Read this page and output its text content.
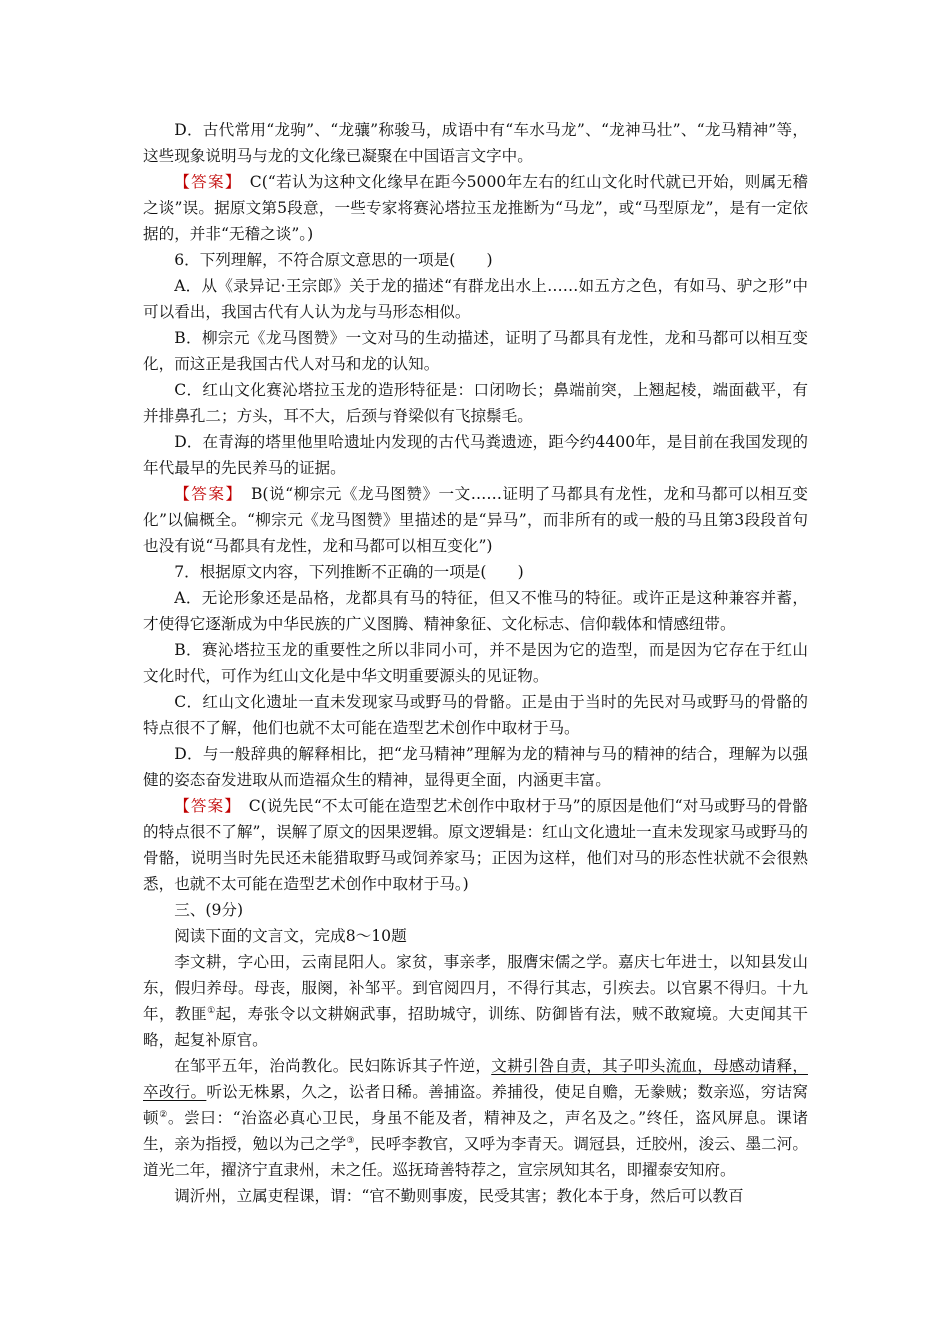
D．古代常用“龙驹”、“龙骧”称骏马，成语中有“车水马龙”、“龙神马壮”、“龙马精神”等，这些现象说明马与龙的文化缘已凝聚在中国语言文字中。

【答案】　 C(“若认为这种文化缘早在距今5000年左右的红山文化时代就已开始，则属无稽之谈”误。据原文第5段意，一些专家将赛沁塔拉玉龙推断为“马龙”，或“马型原龙”，是有一定依据的，并非“无稽之谈”。)

6．下列理解，不符合原文意思的一项是(　　)

A．从《录异记·王宗郎》关于龙的描述“有群龙出水上……如五方之色，有如马、驴之形”中可以看出，我国古代有人认为龙与马形态相似。

B．柳宗元《龙马图赞》一文对马的生动描述，证明了马都具有龙性，龙和马都可以相互变化，而这正是我国古代人对马和龙的认知。

C．红山文化赛沁塔拉玉龙的造形特征是：口闭吻长；鼻端前突，上翘起棱，端面截平，有并排鼻孔二；方头，耳不大，后颈与脊梁似有飞掠鬃毛。

D．在青海的塔里他里哈遗址内发现的古代马粪遗迹，距今约4400年，是目前在我国发现的年代最早的先民养马的证据。

【答案】　 B(说“柳宗元《龙马图赞》一文……证明了马都具有龙性，龙和马都可以相互变化”以偏概全。“柳宗元《龙马图赞》里描述的是“异马”，而非所有的或一般的马且第3段段首句也没有说“马都具有龙性，龙和马都可以相互变化”)

7．根据原文内容，下列推断不正确的一项是(　　)

A．无论形象还是品格，龙都具有马的特征，但又不惟马的特征。或许正是这种兼容并蓄，才使得它逐渐成为中华民族的广义图腾、精神象征、文化标志、信仰载体和情感纽带。

B．赛沁塔拉玉龙的重要性之所以非同小可，并不是因为它的造型，而是因为它存在于红山文化时代，可作为红山文化是中华文明重要源头的见证物。

C．红山文化遗址一直未发现家马或野马的骨骼。正是由于当时的先民对马或野马的骨骼的特点很不了解，他们也就不太可能在造型艺术创作中取材于马。

D．与一般辞典的解释相比，把“龙马精神”理解为龙的精神与马的精神的结合，理解为以强健的姿态奋发进取从而造福众生的精神，显得更全面，内涵更丰富。

【答案】　 C(说先民“不太可能在造型艺术创作中取材于马”的原因是他们“对马或野马的骨骼的特点很不了解”，误解了原文的因果逻辑。原文逻辑是：红山文化遗址一直未发现家马或野马的骨骼，说明当时先民还未能猎取野马或饲养家马；正因为这样，他们对马的形态性状就不会很熟悉，也就不太可能在造型艺术创作中取材于马。)

三、(9分)

阅读下面的文言文，完成8～10题

李文耕，字心田，云南昆阳人。家贫，事亲孝，服膺宋儒之学。嘉庆七年进士，以知县发山东，假归养母。母丧，服阕，补邹平。到官阅四月，不得行其志，引疾去。以官累不得归。十九年，教匪①起，寿张令以文耕娴武事，招助城守，训练、防御皆有法，贼不敢窥境。大吏闻其干略，起复补原官。

在邹平五年，治尚教化。民妇陈诉其子忤逆，文耕引咎自责，其子叩头流血，母感动请释，卒改行。听讼无株累，久之，讼者日稀。善捕盗。养捕役，使足自赡，无豢贼；数亲巡，穷诘窝顿②。尝曰：“治盗必真心卫民，身虽不能及者，精神及之，声名及之。”终任，盗风屏息。课诸生，亲为指授，勉以为己之学③，民呼李教官，又呼为李青天。调冠县，迁胶州，浚云、墨二河。道光二年，擢济宁直隶州，未之任。巡抚琦善特荐之，宣宗夙知其名，即擢泰安知府。

调沂州，立属吏程课，谓：“官不勤则事废，民受其害；教化本于身，然后可以教百
